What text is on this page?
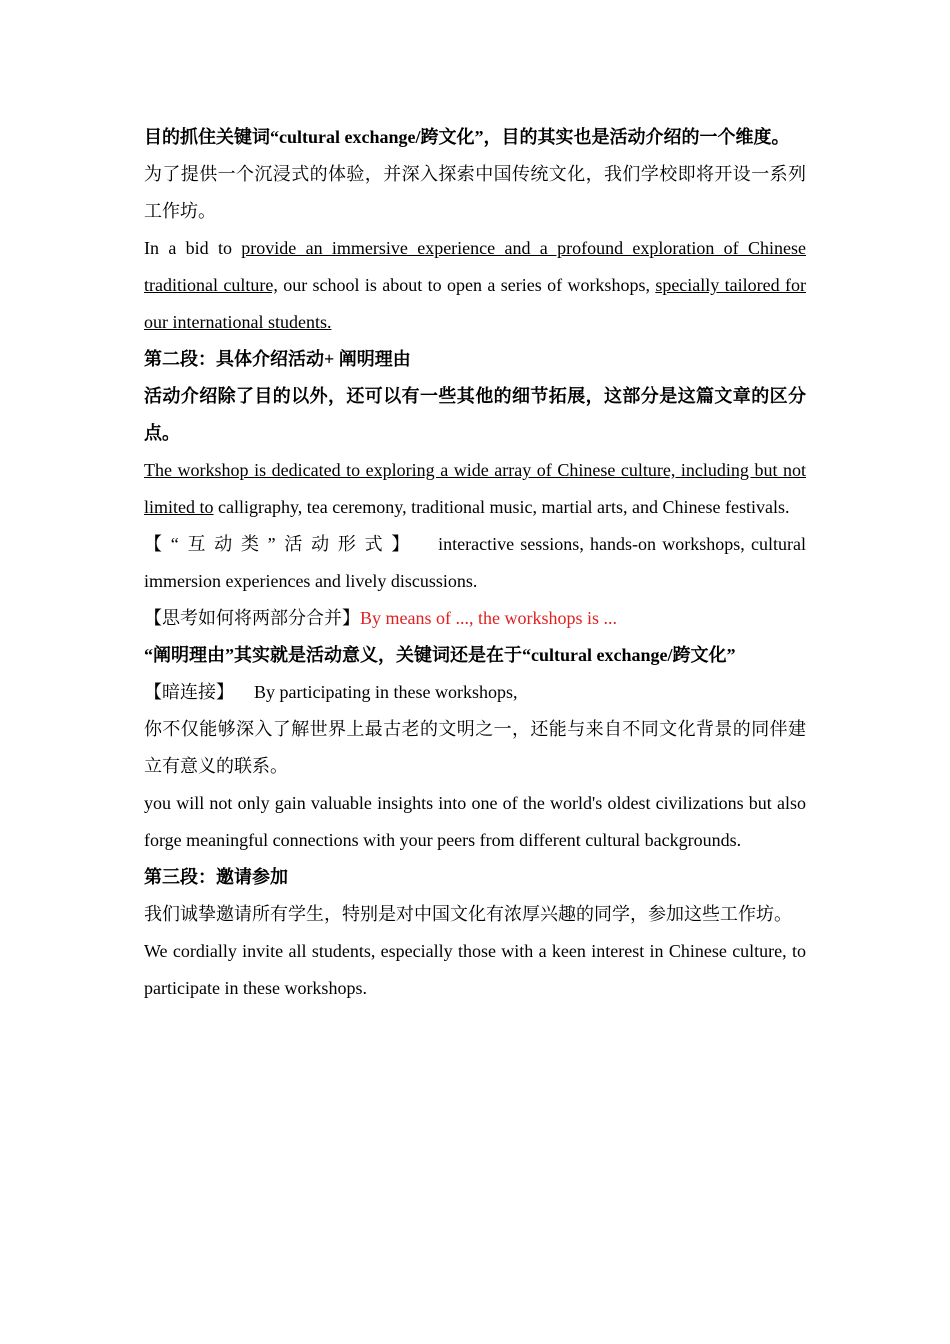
目的抓住关键词“cultural exchange/跨文化”，目的其实也是活动介绍的一个维度。

为了提供一个沉浸式的体验，并深入探索中国传统文化，我们学校即将开设一系列工作坊。

In a bid to provide an immersive experience and a profound exploration of Chinese traditional culture, our school is about to open a series of workshops, specially tailored for our international students.

第二段：具体介绍活动+ 阐明理由

活动介绍除了目的以外，还可以有一些其他的细节拓展，这部分是这篇文章的区分点。

The workshop is dedicated to exploring a wide array of Chinese culture, including but not limited to calligraphy, tea ceremony, traditional music, martial arts, and Chinese festivals.

【“互动类”活动形式】 interactive sessions, hands-on workshops, cultural immersion experiences and lively discussions.

【思考如何将两部分合并】By means of ..., the workshops is ...

“阐明理由”其实就是活动意义，关键词还是在于“cultural exchange/跨文化”

【暗连接】 By participating in these workshops,

你不仅能够深入了解世界上最古老的文明之一，还能与来自不同文化背景的同伴建立有意义的联系。

you will not only gain valuable insights into one of the world's oldest civilizations but also forge meaningful connections with your peers from different cultural backgrounds.

第三段：邀请参加

我们诚挚邀请所有学生，特别是对中国文化有浓厚兴趣的同学，参加这些工作坊。

We cordially invite all students, especially those with a keen interest in Chinese culture, to participate in these workshops.
